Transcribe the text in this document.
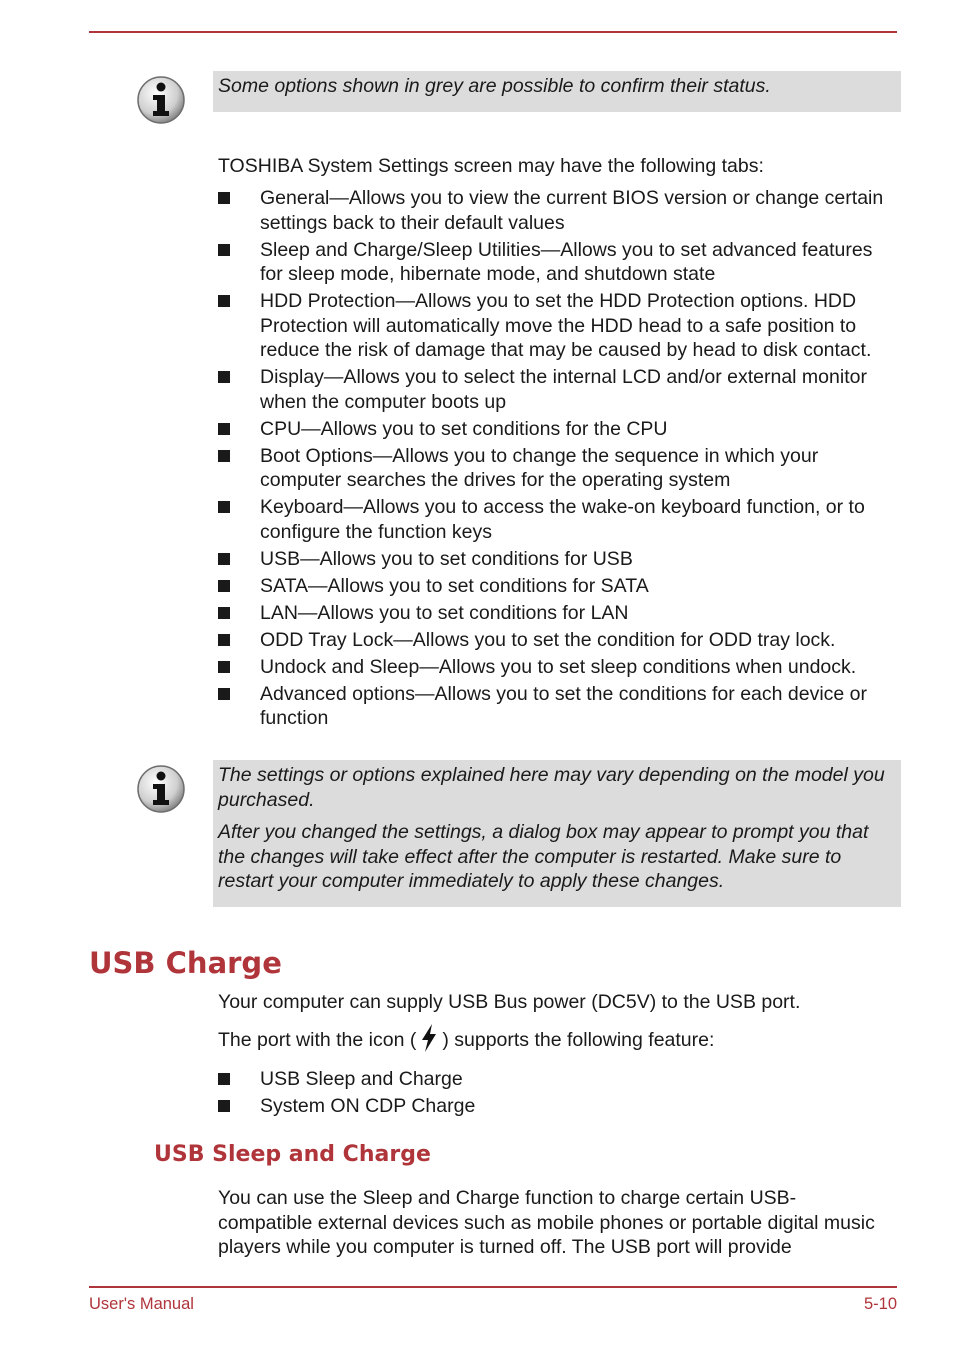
Some options shown in grey are possible to confirm their status.

TOSHIBA System Settings screen may have the following tabs:

General—Allows you to view the current BIOS version or change certain settings back to their default values
Sleep and Charge/Sleep Utilities—Allows you to set advanced features for sleep mode, hibernate mode, and shutdown state
HDD Protection—Allows you to set the HDD Protection options. HDD Protection will automatically move the HDD head to a safe position to reduce the risk of damage that may be caused by head to disk contact.
Display—Allows you to select the internal LCD and/or external monitor when the computer boots up
CPU—Allows you to set conditions for the CPU
Boot Options—Allows you to change the sequence in which your computer searches the drives for the operating system
Keyboard—Allows you to access the wake-on keyboard function, or to configure the function keys
USB—Allows you to set conditions for USB
SATA—Allows you to set conditions for SATA
LAN—Allows you to set conditions for LAN
ODD Tray Lock—Allows you to set the condition for ODD tray lock.
Undock and Sleep—Allows you to set sleep conditions when undock.
Advanced options—Allows you to set the conditions for each device or function

The settings or options explained here may vary depending on the model you purchased.

After you changed the settings, a dialog box may appear to prompt you that the changes will take effect after the computer is restarted. Make sure to restart your computer immediately to apply these changes.

USB Charge

Your computer can supply USB Bus power (DC5V) to the USB port.

The port with the icon ( ) supports the following feature:

USB Sleep and Charge
System ON CDP Charge
USB Sleep and Charge

You can use the Sleep and Charge function to charge certain USB-compatible external devices such as mobile phones or portable digital music players while you computer is turned off. The USB port will provide

User's Manual	5-10
